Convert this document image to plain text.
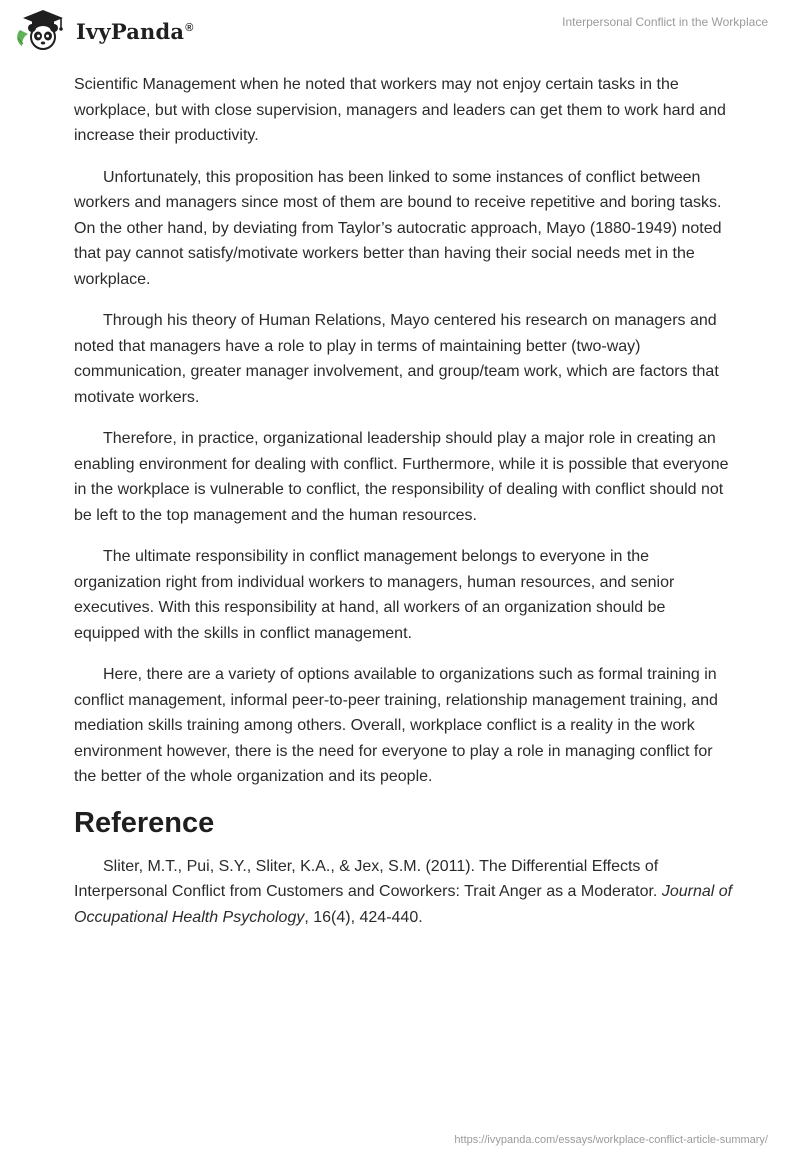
IvyPanda®	Interpersonal Conflict in the Workplace

Scientific Management when he noted that workers may not enjoy certain tasks in the workplace, but with close supervision, managers and leaders can get them to work hard and increase their productivity.

Unfortunately, this proposition has been linked to some instances of conflict between workers and managers since most of them are bound to receive repetitive and boring tasks. On the other hand, by deviating from Taylor’s autocratic approach, Mayo (1880-1949) noted that pay cannot satisfy/motivate workers better than having their social needs met in the workplace.

Through his theory of Human Relations, Mayo centered his research on managers and noted that managers have a role to play in terms of maintaining better (two-way) communication, greater manager involvement, and group/team work, which are factors that motivate workers.

Therefore, in practice, organizational leadership should play a major role in creating an enabling environment for dealing with conflict. Furthermore, while it is possible that everyone in the workplace is vulnerable to conflict, the responsibility of dealing with conflict should not be left to the top management and the human resources.

The ultimate responsibility in conflict management belongs to everyone in the organization right from individual workers to managers, human resources, and senior executives. With this responsibility at hand, all workers of an organization should be equipped with the skills in conflict management.

Here, there are a variety of options available to organizations such as formal training in conflict management, informal peer-to-peer training, relationship management training, and mediation skills training among others. Overall, workplace conflict is a reality in the work environment however, there is the need for everyone to play a role in managing conflict for the better of the whole organization and its people.

Reference

Sliter, M.T., Pui, S.Y., Sliter, K.A., & Jex, S.M. (2011). The Differential Effects of Interpersonal Conflict from Customers and Coworkers: Trait Anger as a Moderator. Journal of Occupational Health Psychology, 16(4), 424-440.

https://ivypanda.com/essays/workplace-conflict-article-summary/
